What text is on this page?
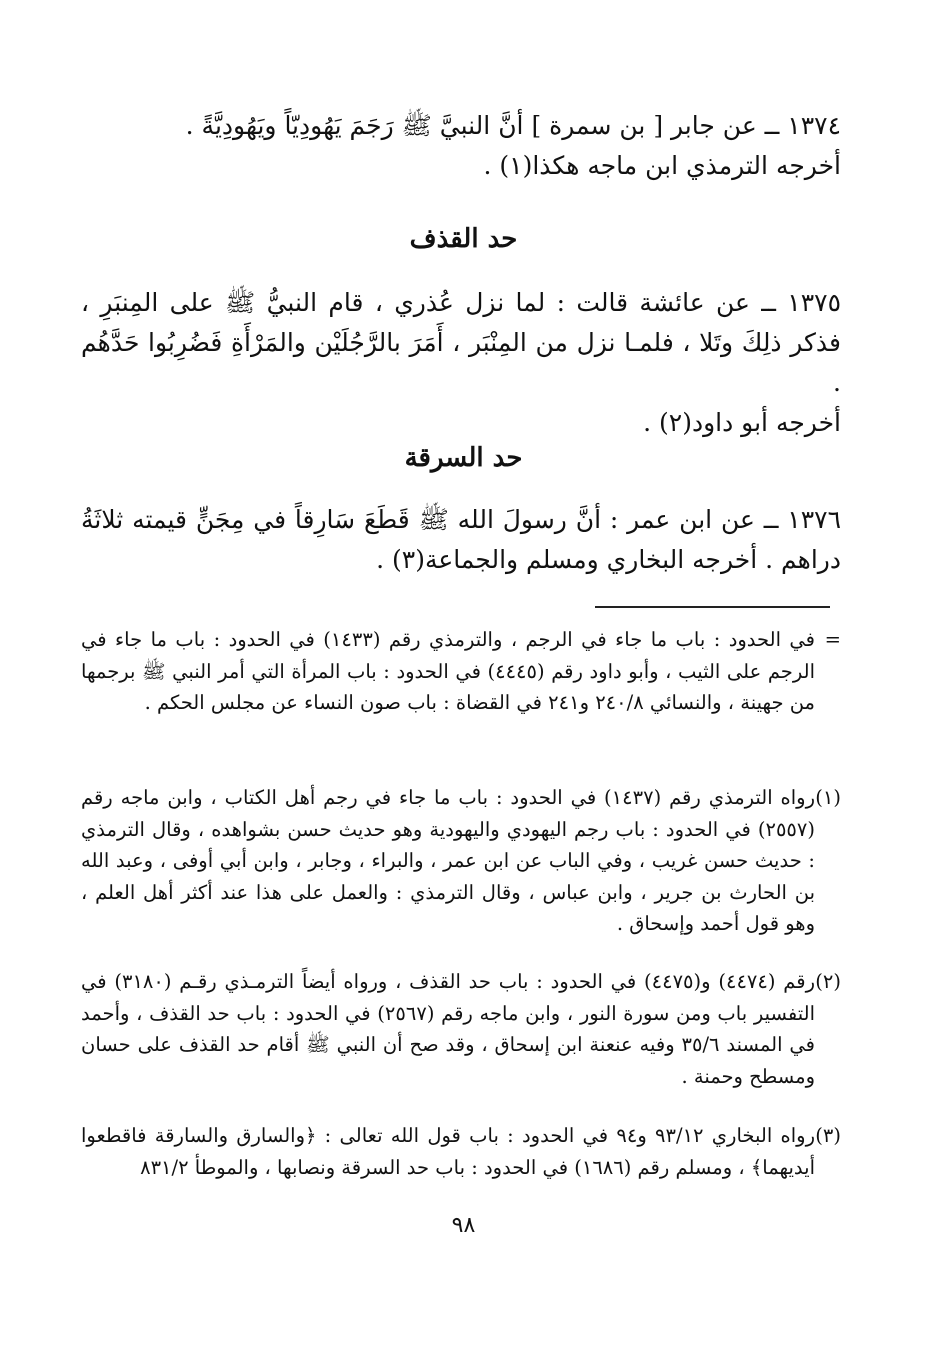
١٣٧٤ ــ عن جابر [ بن سمرة ] أنَّ النبيَّ ﷺ رَجَمَ يَهُودِيّاً ويَهُودِيَّةً .
أخرجه الترمذي ابن ماجه هكذا(١) .
حد القذف
١٣٧٥ ــ عن عائشة قالت : لما نزل عُذري ، قام النبيُّ ﷺ على المِنبَرِ ، فذكر ذلِكَ وتَلا ، فلمـا نزل من المِنْبَر ، أَمَرَ بالرَّجُلَيْن والمَرْأَةِ فَضُرِبُوا حَدَّهُم .
أخرجه أبو داود(٢) .
حد السرقة
١٣٧٦ ــ عن ابن عمر : أنَّ رسولَ الله ﷺ قَطَعَ سَارِقاً في مِجَنٍّ قيمته ثلاثَةُ دراهم . أخرجه البخاري ومسلم والجماعة(٣) .
=
في الحدود : باب ما جاء في الرجم ، والترمذي رقم (١٤٣٣) في الحدود : باب ما جاء في الرجم على الثيب ، وأبو داود رقم (٤٤٤٥) في الحدود : باب المرأة التي أمر النبي ﷺ برجمها من جهينة ، والنسائي ٢٤٠/٨ و٢٤١ في القضاة : باب صون النساء عن مجلس الحكم .
(١)
رواه الترمذي رقم (١٤٣٧) في الحدود : باب ما جاء في رجم أهل الكتاب ، وابن ماجه رقم (٢٥٥٧) في الحدود : باب رجم اليهودي واليهودية وهو حديث حسن بشواهده ، وقال الترمذي : حديث حسن غريب ، وفي الباب عن ابن عمر ، والبراء ، وجابر ، وابن أبي أوفى ، وعبد الله بن الحارث بن جرير ، وابن عباس ، وقال الترمذي : والعمل على هذا عند أكثر أهل العلم ، وهو قول أحمد وإسحاق .
(٢)
رقم (٤٤٧٤) و(٤٤٧٥) في الحدود : باب حد القذف ، ورواه أيضاً الترمـذي رقـم (٣١٨٠) في التفسير باب ومن سورة النور ، وابن ماجه رقم (٢٥٦٧) في الحدود : باب حد القذف ، وأحمد في المسند ٣٥/٦ وفيه عنعنة ابن إسحاق ، وقد صح أن النبي ﷺ أقام حد القذف على حسان ومسطح وحمنة .
(٣)
رواه البخاري ٩٣/١٢ و٩٤ في الحدود : باب قول الله تعالى : ﴿والسارق والسارقة فاقطعوا أيديهما﴾ ، ومسلم رقم (١٦٨٦) في الحدود : باب حد السرقة ونصابها ، والموطأ ٨٣١/٢
٩٨
